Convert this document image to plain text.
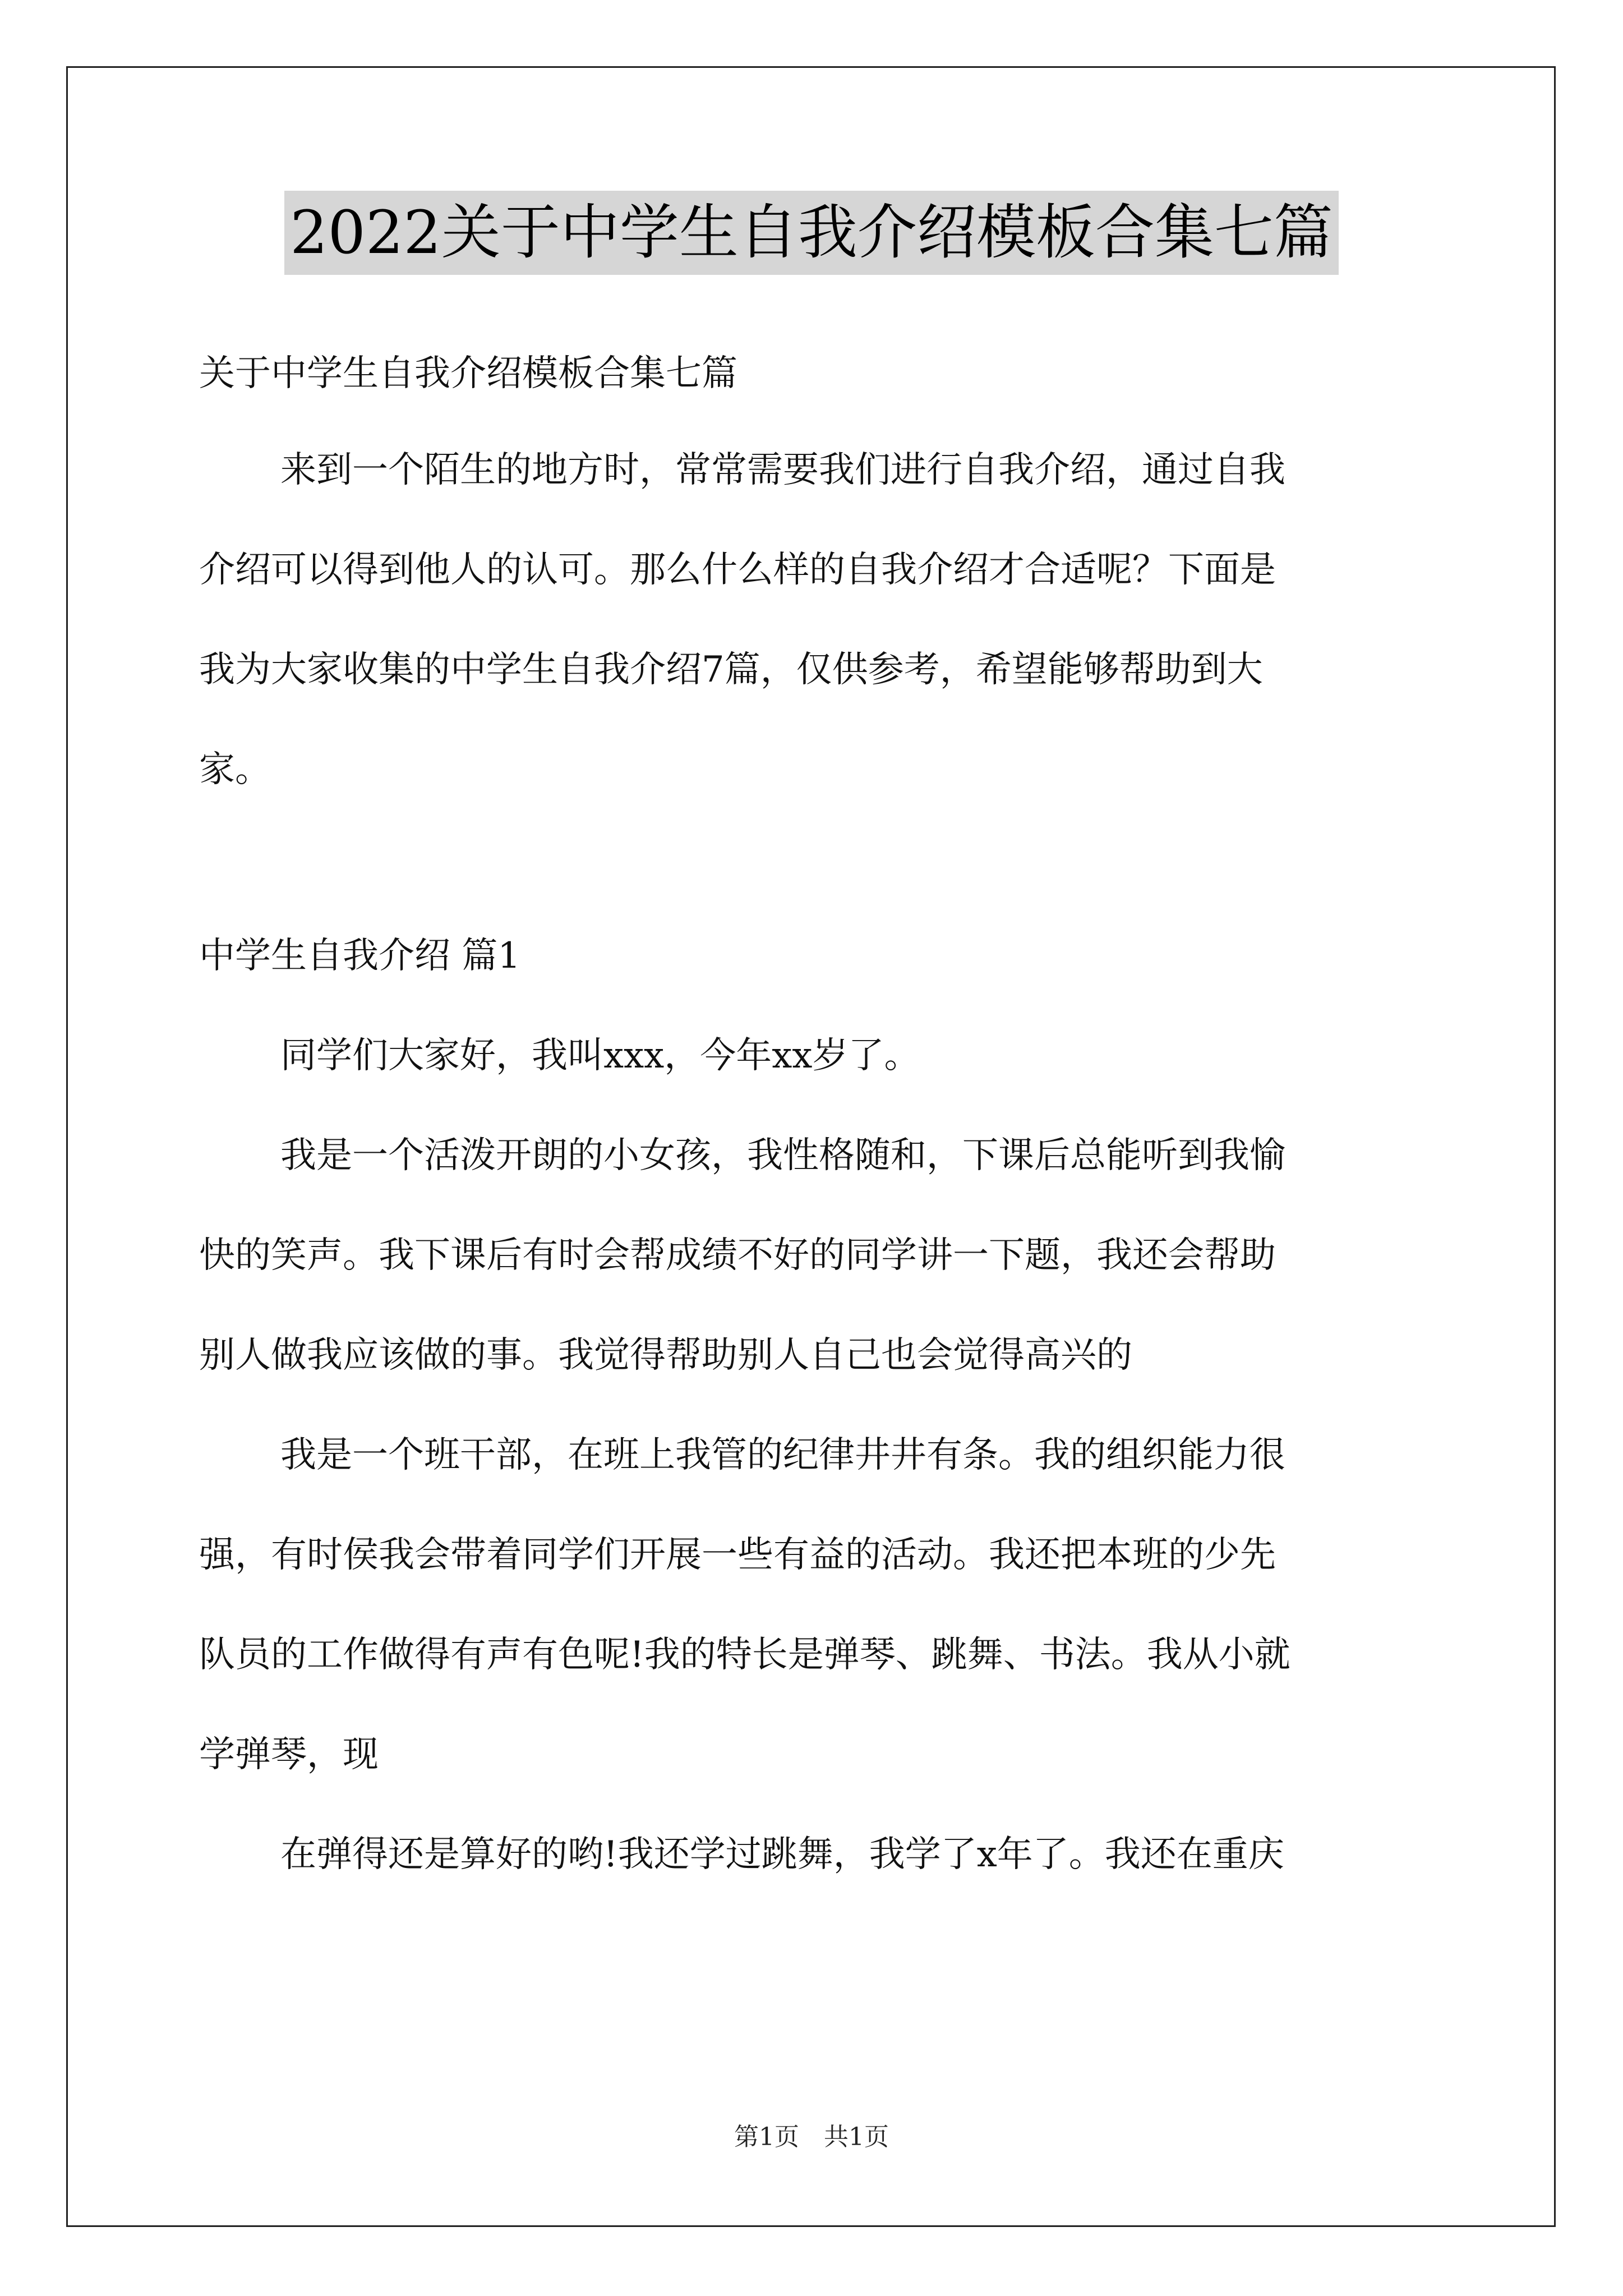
2022关于中学生自我介绍模板合集七篇
关于中学生自我介绍模板合集七篇
来到一个陌生的地方时，常常需要我们进行自我介绍，通过自我
介绍可以得到他人的认可。那么什么样的自我介绍才合适呢？下面是
我为大家收集的中学生自我介绍7篇，仅供参考，希望能够帮助到大
家。
中学生自我介绍 篇1
同学们大家好，我叫xxx，今年xx岁了。
我是一个活泼开朗的小女孩，我性格随和，下课后总能听到我愉
快的笑声。我下课后有时会帮成绩不好的同学讲一下题，我还会帮助
别人做我应该做的事。我觉得帮助别人自己也会觉得高兴的
我是一个班干部，在班上我管的纪律井井有条。我的组织能力很
强，有时侯我会带着同学们开展一些有益的活动。我还把本班的少先
队员的工作做得有声有色呢!我的特长是弹琴、跳舞、书法。我从小就
学弹琴，现
在弹得还是算好的哟!我还学过跳舞，我学了x年了。我还在重庆
第1页　共1页
